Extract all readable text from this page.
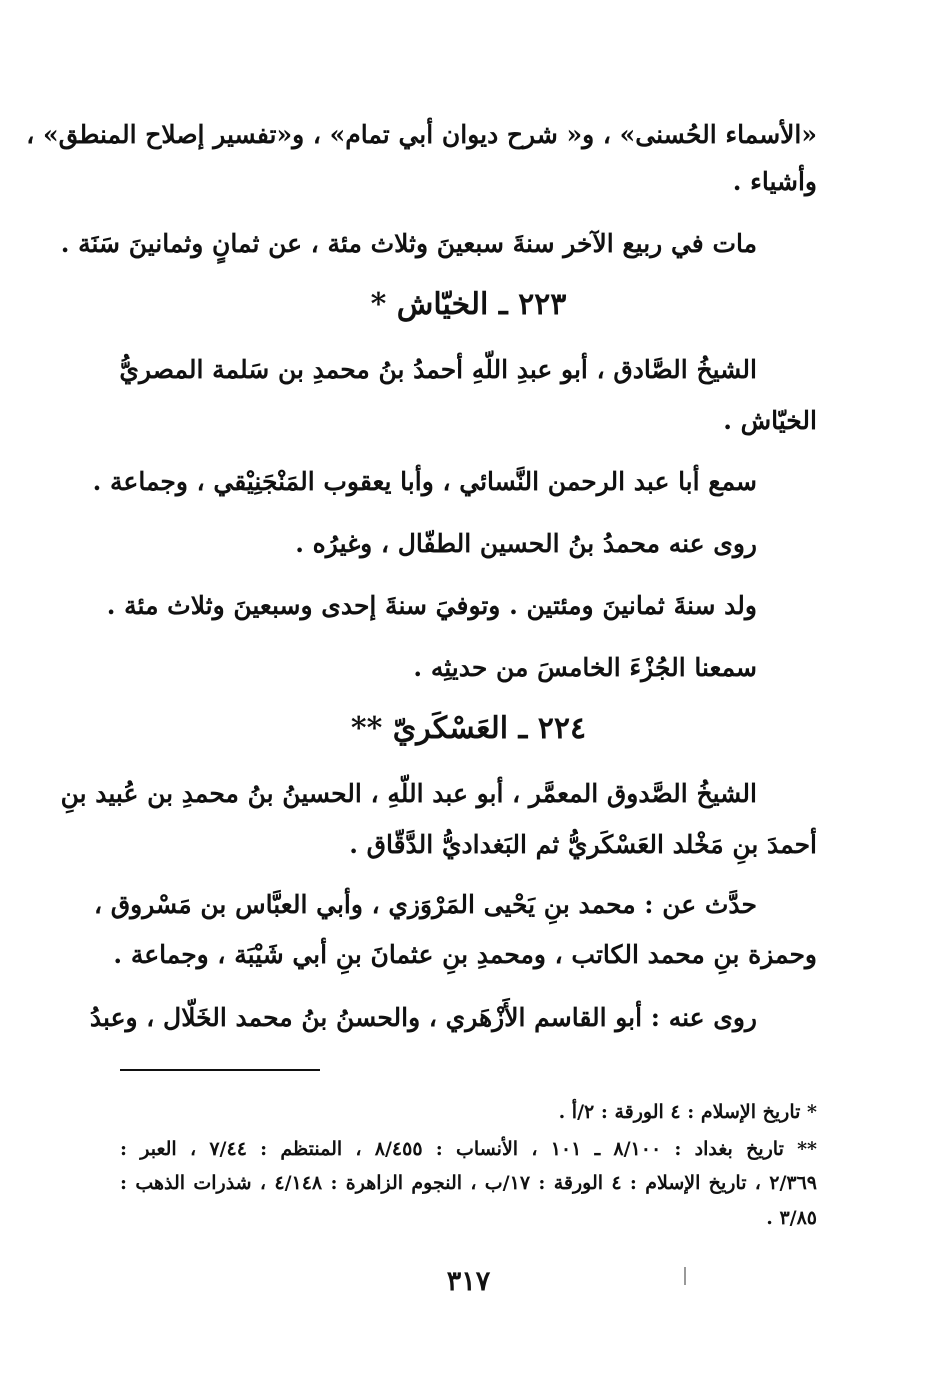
«الأسماء الحُسنى» ، و« شرح ديوان أبي تمام» ، و«تفسير إصلاح المنطق» ،
وأشياء .
مات في ربيع الآخر سنةَ سبعينَ وثلاث مئة ، عن ثمانٍ وثمانينَ سَنَة .
٢٢٣ ـ الخيّاش *
الشيخُ الصَّادق ، أبو عبدِ اللّهِ أحمدُ بنُ محمدِ بن سَلمة المصريُّ
الخيّاش .
سمع أبا عبد الرحمن النَّسائي ، وأبا يعقوب المَنْجَنِيْقي ، وجماعة .
روى عنه محمدُ بنُ الحسين الطفّال ، وغيرُه .
ولد سنةَ ثمانينَ ومئتين . وتوفيَ سنةَ إحدى وسبعينَ وثلاث مئة .
سمعنا الجُزْءَ الخامسَ من حديثِه .
٢٢٤ ـ العَسْكَريّ **
الشيخُ الصَّدوق المعمَّر ، أبو عبد اللّهِ ، الحسينُ بنُ محمدِ بن عُبيد بنِ
أحمدَ بنِ مَخْلد العَسْكَريُّ ثم البَغداديُّ الدَّقّاق .
حدَّث عن : محمد بنِ يَحْيى المَرْوَزي ، وأبي العبَّاس بن مَسْروق ،
وحمزة بنِ محمد الكاتب ، ومحمدِ بنِ عثمانَ بنِ أبي شَيْبَة ، وجماعة .
روى عنه : أبو القاسم الأَزْهَري ، والحسنُ بنُ محمد الخَلّال ، وعبدُ
* تاريخ الإسلام : ٤ الورقة : ٢/أ .
** تاريخ بغداد : ٨/١٠٠ ـ ١٠١ ، الأنساب : ٨/٤٥٥ ، المنتظم : ٧/٤٤ ، العبر :
٢/٣٦٩ ، تاريخ الإسلام : ٤ الورقة : ١٧/ب ، النجوم الزاهرة : ٤/١٤٨ ، شذرات الذهب :
٣/٨٥ .
٣١٧
